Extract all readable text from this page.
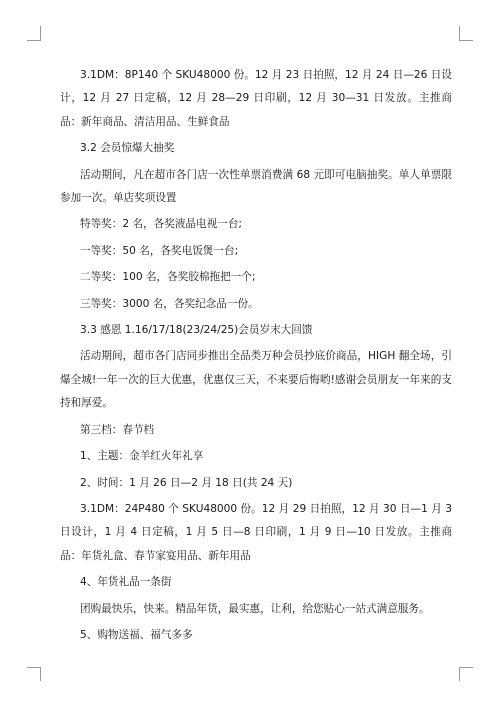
3.1DM：8P140 个 SKU48000 份。12 月 23 日拍照，12 月 24 日—26 日设计，12 月 27 日定稿，12 月 28—29 日印刷，12 月 30—31 日发放。主推商品：新年商品、清洁用品、生鲜食品

3.2 会员惊爆大抽奖

活动期间，凡在超市各门店一次性单票消费满 68 元即可电脑抽奖。单人单票限参加一次。单店奖项设置

特等奖：2 名，各奖液晶电视一台;

一等奖：50 名，各奖电饭煲一台;

二等奖：100 名，各奖胶棉拖把一个;

三等奖：3000 名，各奖纪念品一份。

3.3 感恩 1.16/17/18(23/24/25)会员岁末大回馈

活动期间，超市各门店同步推出全品类万种会员抄底价商品，HIGH 翻全场，引爆全城!一年一次的巨大优惠，优惠仅三天，不来要后悔哟!感谢会员朋友一年来的支持和厚爱。

第三档：春节档

1、主题：金羊红火年礼享

2、时间：1 月 26 日—2 月 18 日(共 24 天)

3.1DM：24P480 个 SKU48000 份。12 月 29 日拍照，12 月 30 日—1 月 3 日设计，1 月 4 日定稿，1 月 5 日—8 日印刷，1 月 9 日—10 日发放。主推商品：年货礼盒、春节家宴用品、新年用品

4、年货礼品一条街

团购最快乐，快来。精品年货，最实惠，让利，给您贴心一站式满意服务。

5、购物送福、福气多多
